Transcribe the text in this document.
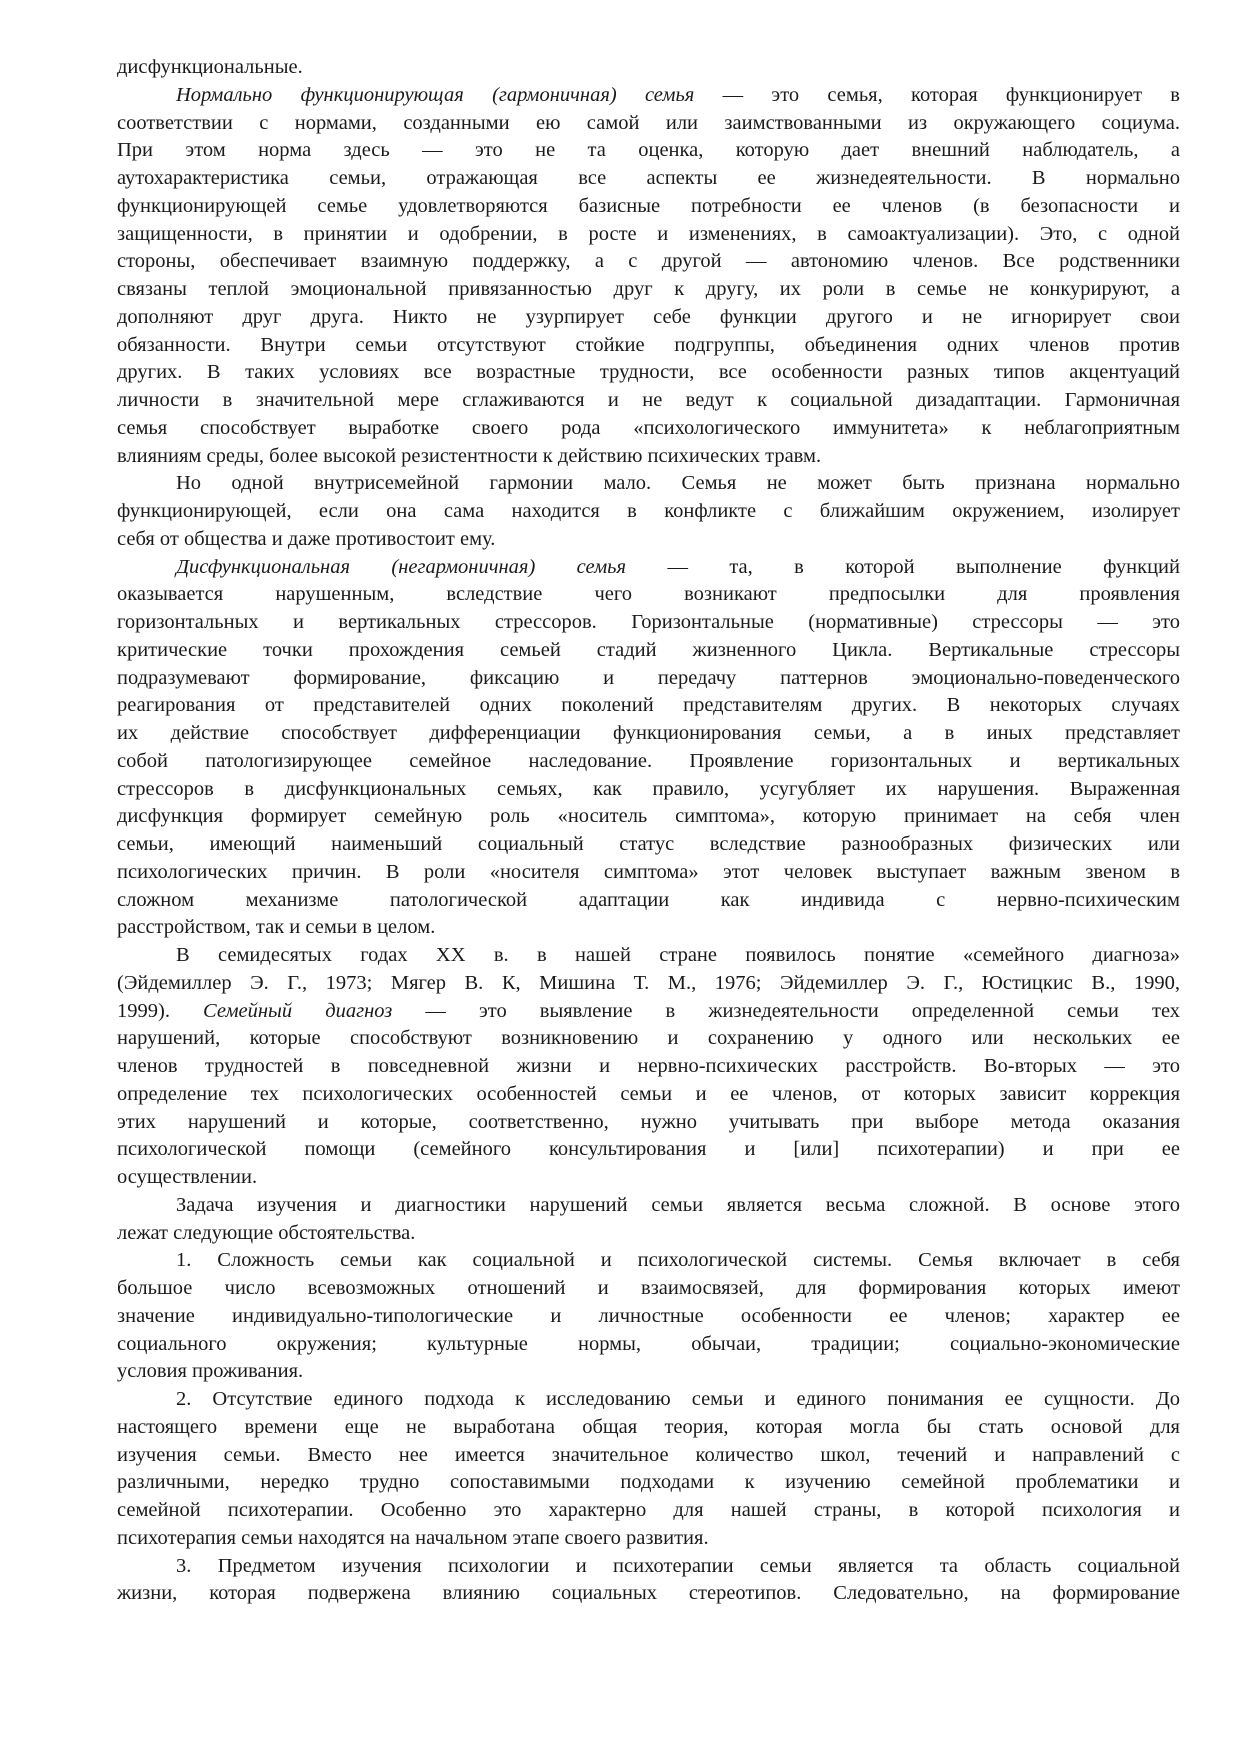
дисфункциональные.
Нормально функционирующая (гармоничная) семья — это семья, которая функционирует в
соответствии с нормами, созданными ею самой или заимствованными из окружающего социума.
При этом норма здесь — это не та оценка, которую дает внешний наблюдатель, а
аутохарактеристика семьи, отражающая все аспекты ее жизнедеятельности. В нормально
функционирующей семье удовлетворяются базисные потребности ее членов (в безопасности и
защищенности, в принятии и одобрении, в росте и изменениях, в самоактуализации). Это, с одной
стороны, обеспечивает взаимную поддержку, а с другой — автономию членов. Все родственники
связаны теплой эмоциональной привязанностью друг к другу, их роли в семье не конкурируют, а
дополняют друг друга. Никто не узурпирует себе функции другого и не игнорирует свои
обязанности. Внутри семьи отсутствуют стойкие подгруппы, объединения одних членов против
других. В таких условиях все возрастные трудности, все особенности разных типов акцентуаций
личности в значительной мере сглаживаются и не ведут к социальной дизадаптации. Гармоничная
семья способствует выработке своего рода «психологического иммунитета» к неблагоприятным
влияниям среды, более высокой резистентности к действию психических травм.
Но одной внутрисемейной гармонии мало. Семья не может быть признана нормально
функционирующей, если она сама находится в конфликте с ближайшим окружением, изолирует
себя от общества и даже противостоит ему.
Дисфункциональная (негармоничная) семья — та, в которой выполнение функций
оказывается нарушенным, вследствие чего возникают предпосылки для проявления
горизонтальных и вертикальных стрессоров. Горизонтальные (нормативные) стрессоры — это
критические точки прохождения семьей стадий жизненного Цикла. Вертикальные стрессоры
подразумевают формирование, фиксацию и передачу паттернов эмоционально-поведенческого
реагирования от представителей одних поколений представителям других. В некоторых случаях
их действие способствует дифференциации функционирования семьи, а в иных представляет
собой патологизирующее семейное наследование. Проявление горизонтальных и вертикальных
стрессоров в дисфункциональных семьях, как правило, усугубляет их нарушения. Выраженная
дисфункция формирует семейную роль «носитель симптома», которую принимает на себя член
семьи, имеющий наименьший социальный статус вследствие разнообразных физических или
психологических причин. В роли «носителя симптома» этот человек выступает важным звеном в
сложном механизме патологической адаптации как индивида с нервно-психическим
расстройством, так и семьи в целом.
В семидесятых годах XX в. в нашей стране появилось понятие «семейного диагноза»
(Эйдемиллер Э. Г., 1973; Мягер В. К, Мишина Т. М., 1976; Эйдемиллер Э. Г., Юстицкис В., 1990,
1999). Семейный диагноз — это выявление в жизнедеятельности определенной семьи тех
нарушений, которые способствуют возникновению и сохранению у одного или нескольких ее
членов трудностей в повседневной жизни и нервно-психических расстройств. Во-вторых — это
определение тех психологических особенностей семьи и ее членов, от которых зависит коррекция
этих нарушений и которые, соответственно, нужно учитывать при выборе метода оказания
психологической помощи (семейного консультирования и [или] психотерапии) и при ее
осуществлении.
Задача изучения и диагностики нарушений семьи является весьма сложной. В основе этого
лежат следующие обстоятельства.
1. Сложность семьи как социальной и психологической системы. Семья включает в себя
большое число всевозможных отношений и взаимосвязей, для формирования которых имеют
значение индивидуально-типологические и личностные особенности ее членов; характер ее
социального окружения; культурные нормы, обычаи, традиции; социально-экономические
условия проживания.
2. Отсутствие единого подхода к исследованию семьи и единого понимания ее сущности. До
настоящего времени еще не выработана общая теория, которая могла бы стать основой для
изучения семьи. Вместо нее имеется значительное количество школ, течений и направлений с
различными, нередко трудно сопоставимыми подходами к изучению семейной проблематики и
семейной психотерапии. Особенно это характерно для нашей страны, в которой психология и
психотерапия семьи находятся на начальном этапе своего развития.
3. Предметом изучения психологии и психотерапии семьи является та область социальной
жизни, которая подвержена влиянию социальных стереотипов. Следовательно, на формирование
